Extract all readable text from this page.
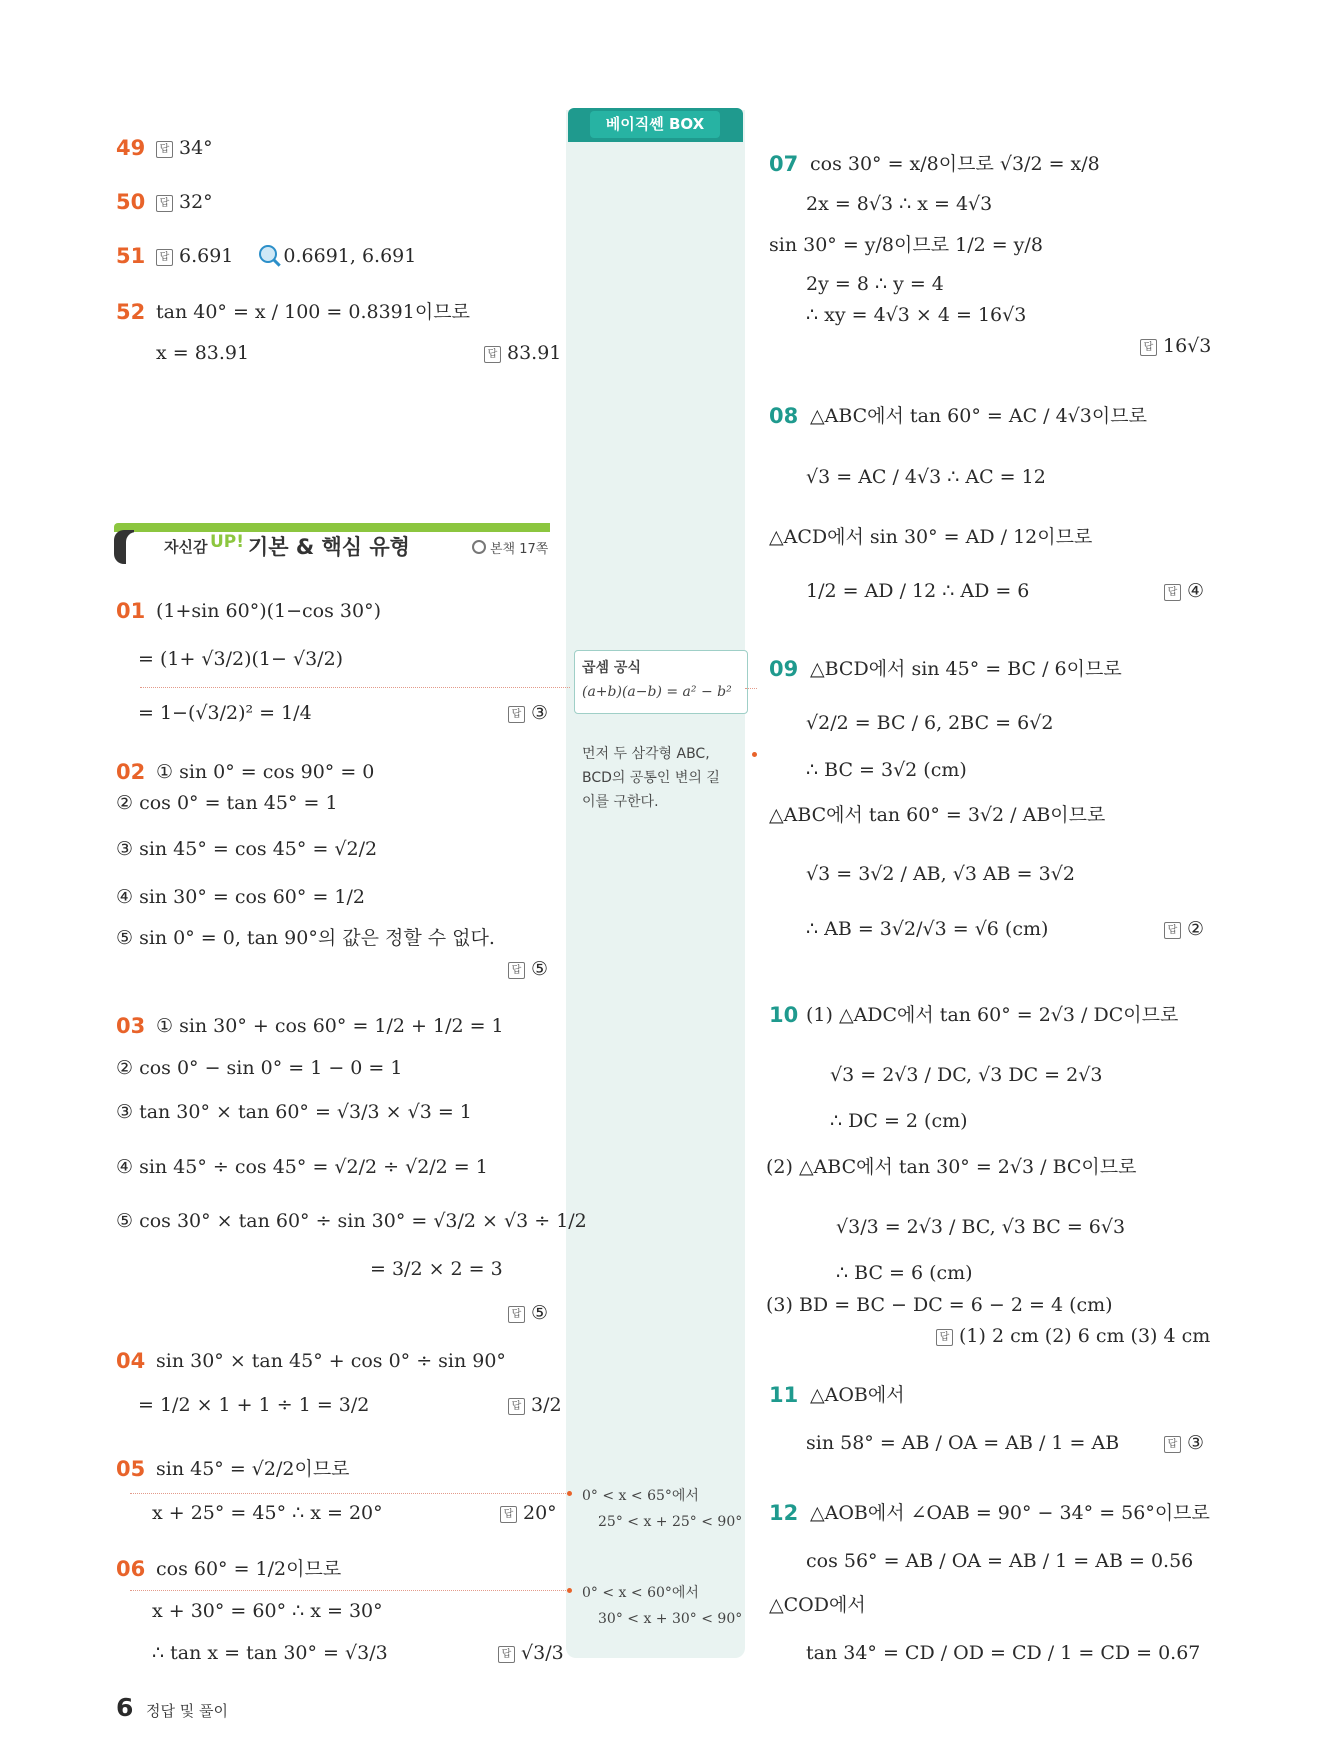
베이직쎈 BOX
곱셈 공식
(a+b)(a−b) = a² − b²
먼저 두 삼각형 ABC,
BCD의 공통인 변의 길
이를 구한다.
0° < x < 65°에서
25° < x + 25° < 90°
0° < x < 60°에서
30° < x + 30° < 90°
49	답 34°
50	답 32°
51	답 6.691	0.6691, 6.691
52 tan 40° = x / 100 = 0.8391이므로
x = 83.91	답 83.91
자신감 UP! 기본 & 핵심 유형	본책 17쪽
01 (1+sin 60°)(1−cos 30°)
= (1+ √3/2)(1− √3/2)
= 1−(√3/2)² = 1/4	답 ③
02 ① sin 0° = cos 90° = 0
② cos 0° = tan 45° = 1
③ sin 45° = cos 45° = √2/2
④ sin 30° = cos 60° = 1/2
⑤ sin 0° = 0, tan 90°의 값은 정할 수 없다.
답 ⑤
03 ① sin 30° + cos 60° = 1/2 + 1/2 = 1
② cos 0° − sin 0° = 1 − 0 = 1
③ tan 30° × tan 60° = √3/3 × √3 = 1
④ sin 45° ÷ cos 45° = √2/2 ÷ √2/2 = 1
⑤ cos 30° × tan 60° ÷ sin 30° = √3/2 × √3 ÷ 1/2
= 3/2 × 2 = 3
답 ⑤
04 sin 30° × tan 45° + cos 0° ÷ sin 90°
= 1/2 × 1 + 1 ÷ 1 = 3/2	답 3/2
05 sin 45° = √2/2이므로
x + 25° = 45° ∴ x = 20°	답 20°
06 cos 60° = 1/2이므로
x + 30° = 60° ∴ x = 30°
∴ tan x = tan 30° = √3/3	답 √3/3
07 cos 30° = x/8이므로 √3/2 = x/8
2x = 8√3 ∴ x = 4√3
sin 30° = y/8이므로 1/2 = y/8
2y = 8 ∴ y = 4
∴ xy = 4√3 × 4 = 16√3
답 16√3
08 △ABC에서 tan 60° = AC / 4√3이므로
√3 = AC / 4√3 ∴ AC = 12
△ACD에서 sin 30° = AD / 12이므로
1/2 = AD / 12 ∴ AD = 6	답 ④
09 △BCD에서 sin 45° = BC / 6이므로
√2/2 = BC / 6, 2BC = 6√2
∴ BC = 3√2 (cm)
△ABC에서 tan 60° = 3√2 / AB이므로
√3 = 3√2 / AB, √3 AB = 3√2
∴ AB = 3√2/√3 = √6 (cm)	답 ②
10 (1) △ADC에서 tan 60° = 2√3 / DC이므로
√3 = 2√3 / DC, √3 DC = 2√3
∴ DC = 2 (cm)
(2) △ABC에서 tan 30° = 2√3 / BC이므로
√3/3 = 2√3 / BC, √3 BC = 6√3
∴ BC = 6 (cm)
(3) BD = BC − DC = 6 − 2 = 4 (cm)
답 (1) 2 cm (2) 6 cm (3) 4 cm
11 △AOB에서
sin 58° = AB / OA = AB / 1 = AB	답 ③
12 △AOB에서 ∠OAB = 90° − 34° = 56°이므로
cos 56° = AB / OA = AB / 1 = AB = 0.56
△COD에서
tan 34° = CD / OD = CD / 1 = CD = 0.67
6 정답 및 풀이
